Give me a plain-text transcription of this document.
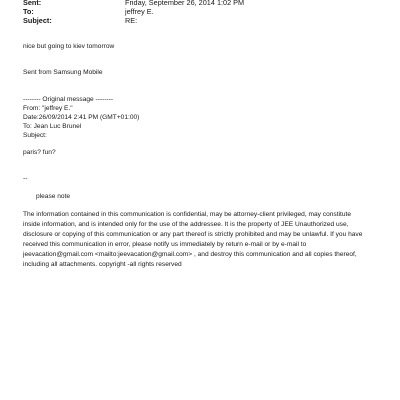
Sent:	Friday, September 26, 2014 1:02 PM
To:	jeffrey E.
Subject:	RE:
nice but going to kiev tomorrow
Sent from Samsung Mobile
-------- Original message --------
From: "jeffrey E."
Date:26/09/2014 2:41 PM (GMT+01:00)
To: Jean Luc Brunel
Subject:
paris? fun?
--
please note
The information contained in this communication is confidential, may be attorney-client privileged, may constitute
inside information, and is intended only for the use of the addressee. It is the property of JEE Unauthorized use,
disclosure or copying of this communication or any part thereof is strictly prohibited and may be unlawful. If you have
received this communication in error, please notify us immediately by return e-mail or by e-mail to
jeevacation@gmail.com <mailto:jeevacation@gmail.com> , and destroy this communication and all copies thereof,
including all attachments. copyright -all rights reserved
